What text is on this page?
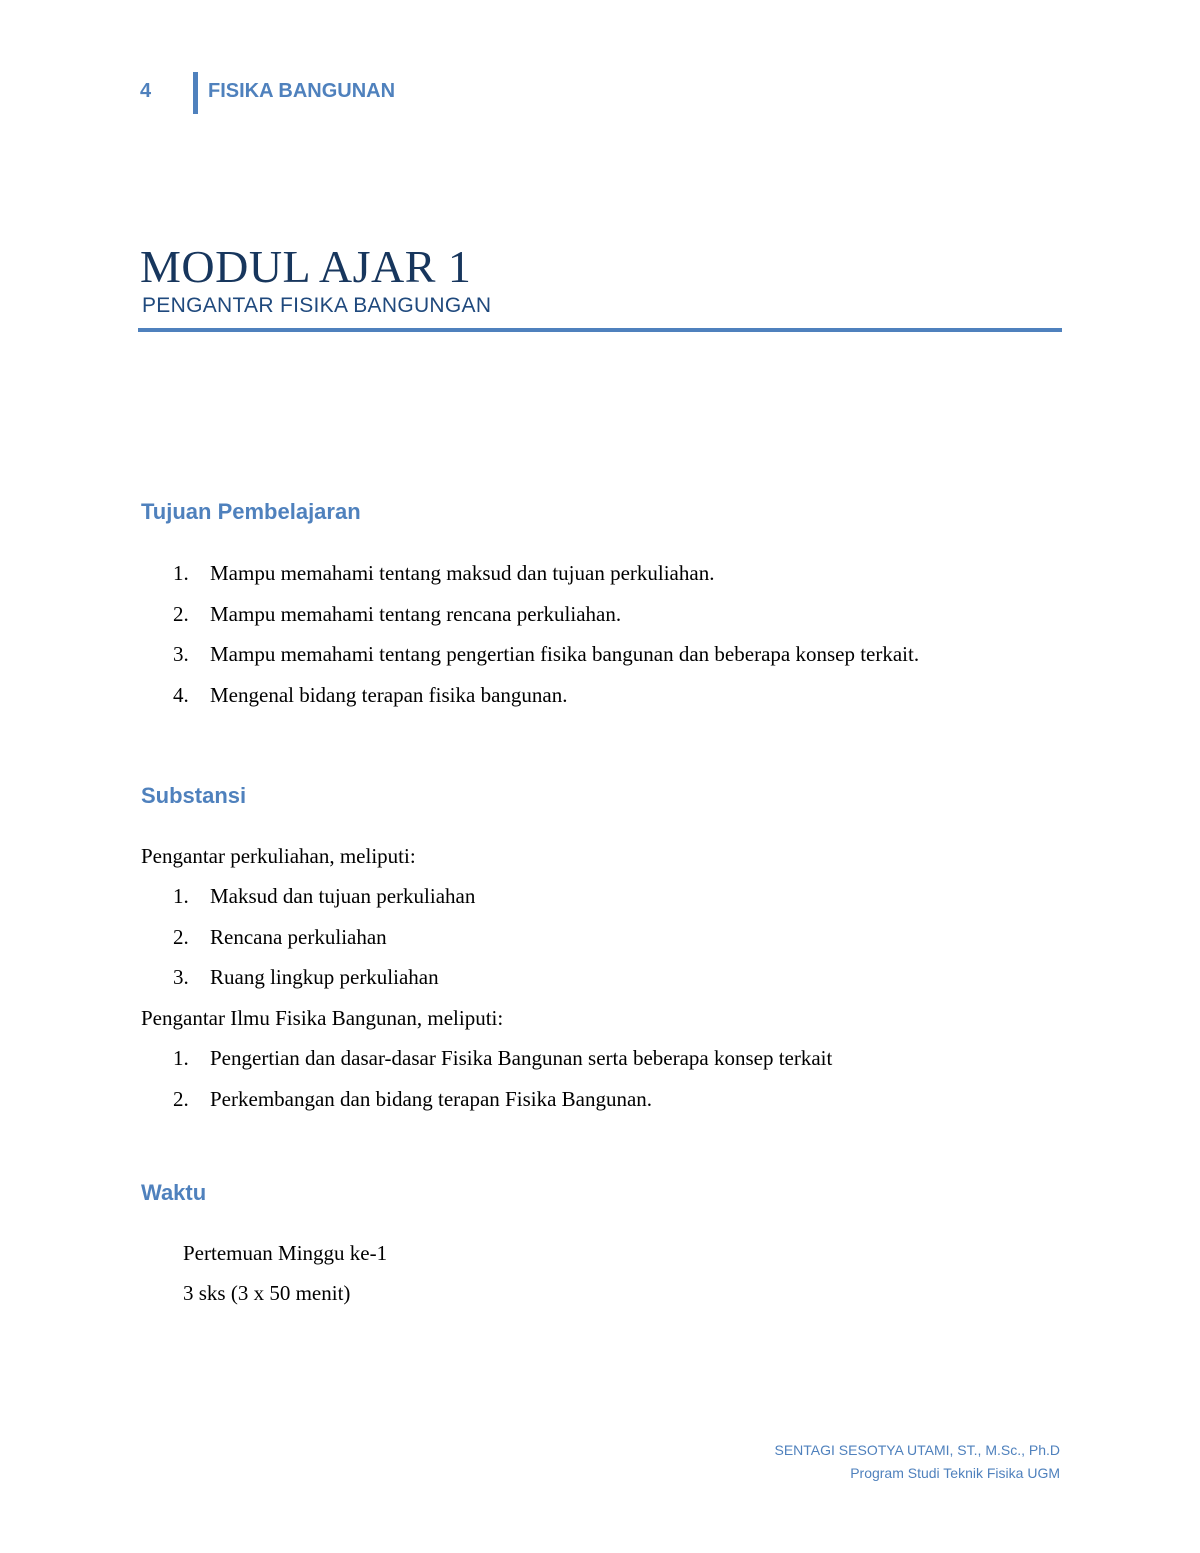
4	FISIKA BANGUNAN
MODUL AJAR 1
PENGANTAR FISIKA BANGUNGAN
Tujuan Pembelajaran
1.	Mampu memahami tentang maksud dan tujuan perkuliahan.
2.	Mampu memahami tentang rencana perkuliahan.
3.	Mampu memahami tentang pengertian fisika bangunan dan beberapa konsep terkait.
4.	Mengenal bidang terapan fisika bangunan.
Substansi
Pengantar perkuliahan, meliputi:
1.	Maksud dan tujuan perkuliahan
2.	Rencana perkuliahan
3.	Ruang lingkup perkuliahan
Pengantar Ilmu Fisika Bangunan, meliputi:
1.	Pengertian dan dasar-dasar Fisika Bangunan serta beberapa konsep terkait
2.	Perkembangan dan bidang terapan Fisika Bangunan.
Waktu
Pertemuan Minggu ke-1
3 sks (3 x 50 menit)
SENTAGI SESOTYA UTAMI, ST., M.Sc., Ph.D
Program Studi Teknik Fisika UGM
